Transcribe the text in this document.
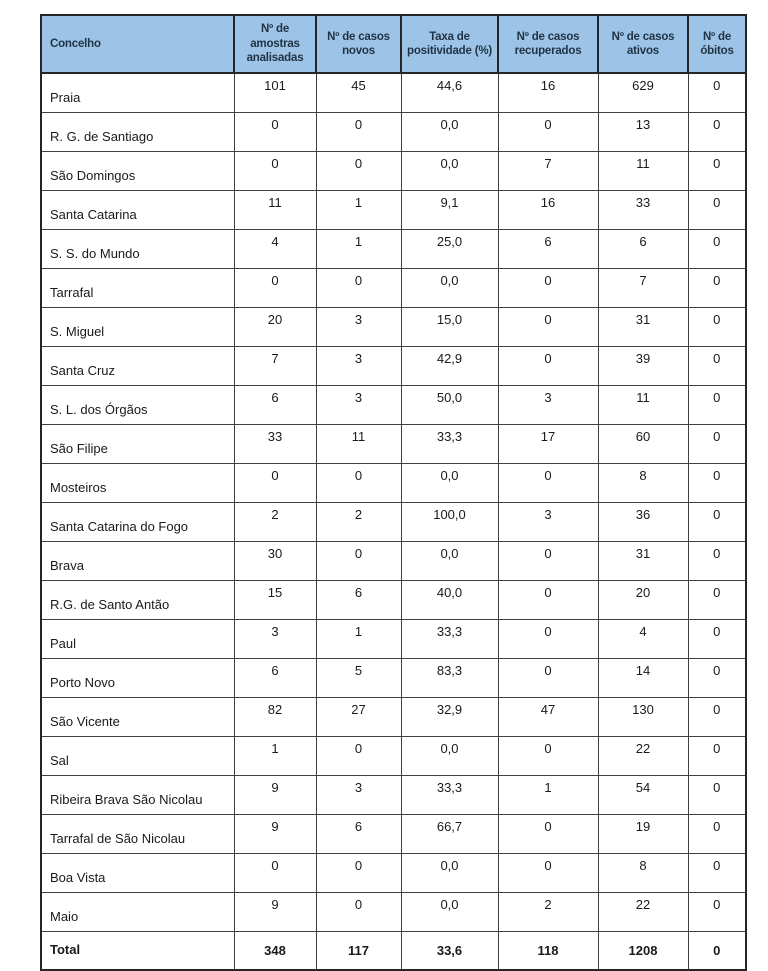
Concelho	Nº de amostras analisadas	Nº de casos novos	Taxa de positividade (%)	Nº de casos recuperados	Nº de casos ativos	Nº de óbitos
Praia	101	45	44,6	16	629	0
R. G. de Santiago	0	0	0,0	0	13	0
São Domingos	0	0	0,0	7	11	0
Santa Catarina	11	1	9,1	16	33	0
S. S. do Mundo	4	1	25,0	6	6	0
Tarrafal	0	0	0,0	0	7	0
S. Miguel	20	3	15,0	0	31	0
Santa Cruz	7	3	42,9	0	39	0
S. L. dos Órgãos	6	3	50,0	3	11	0
São Filipe	33	11	33,3	17	60	0
Mosteiros	0	0	0,0	0	8	0
Santa Catarina do Fogo	2	2	100,0	3	36	0
Brava	30	0	0,0	0	31	0
R.G. de Santo Antão	15	6	40,0	0	20	0
Paul	3	1	33,3	0	4	0
Porto Novo	6	5	83,3	0	14	0
São Vicente	82	27	32,9	47	130	0
Sal	1	0	0,0	0	22	0
Ribeira Brava São Nicolau	9	3	33,3	1	54	0
Tarrafal de São Nicolau	9	6	66,7	0	19	0
Boa Vista	0	0	0,0	0	8	0
Maio	9	0	0,0	2	22	0
Total	348	117	33,6	118	1208	0
